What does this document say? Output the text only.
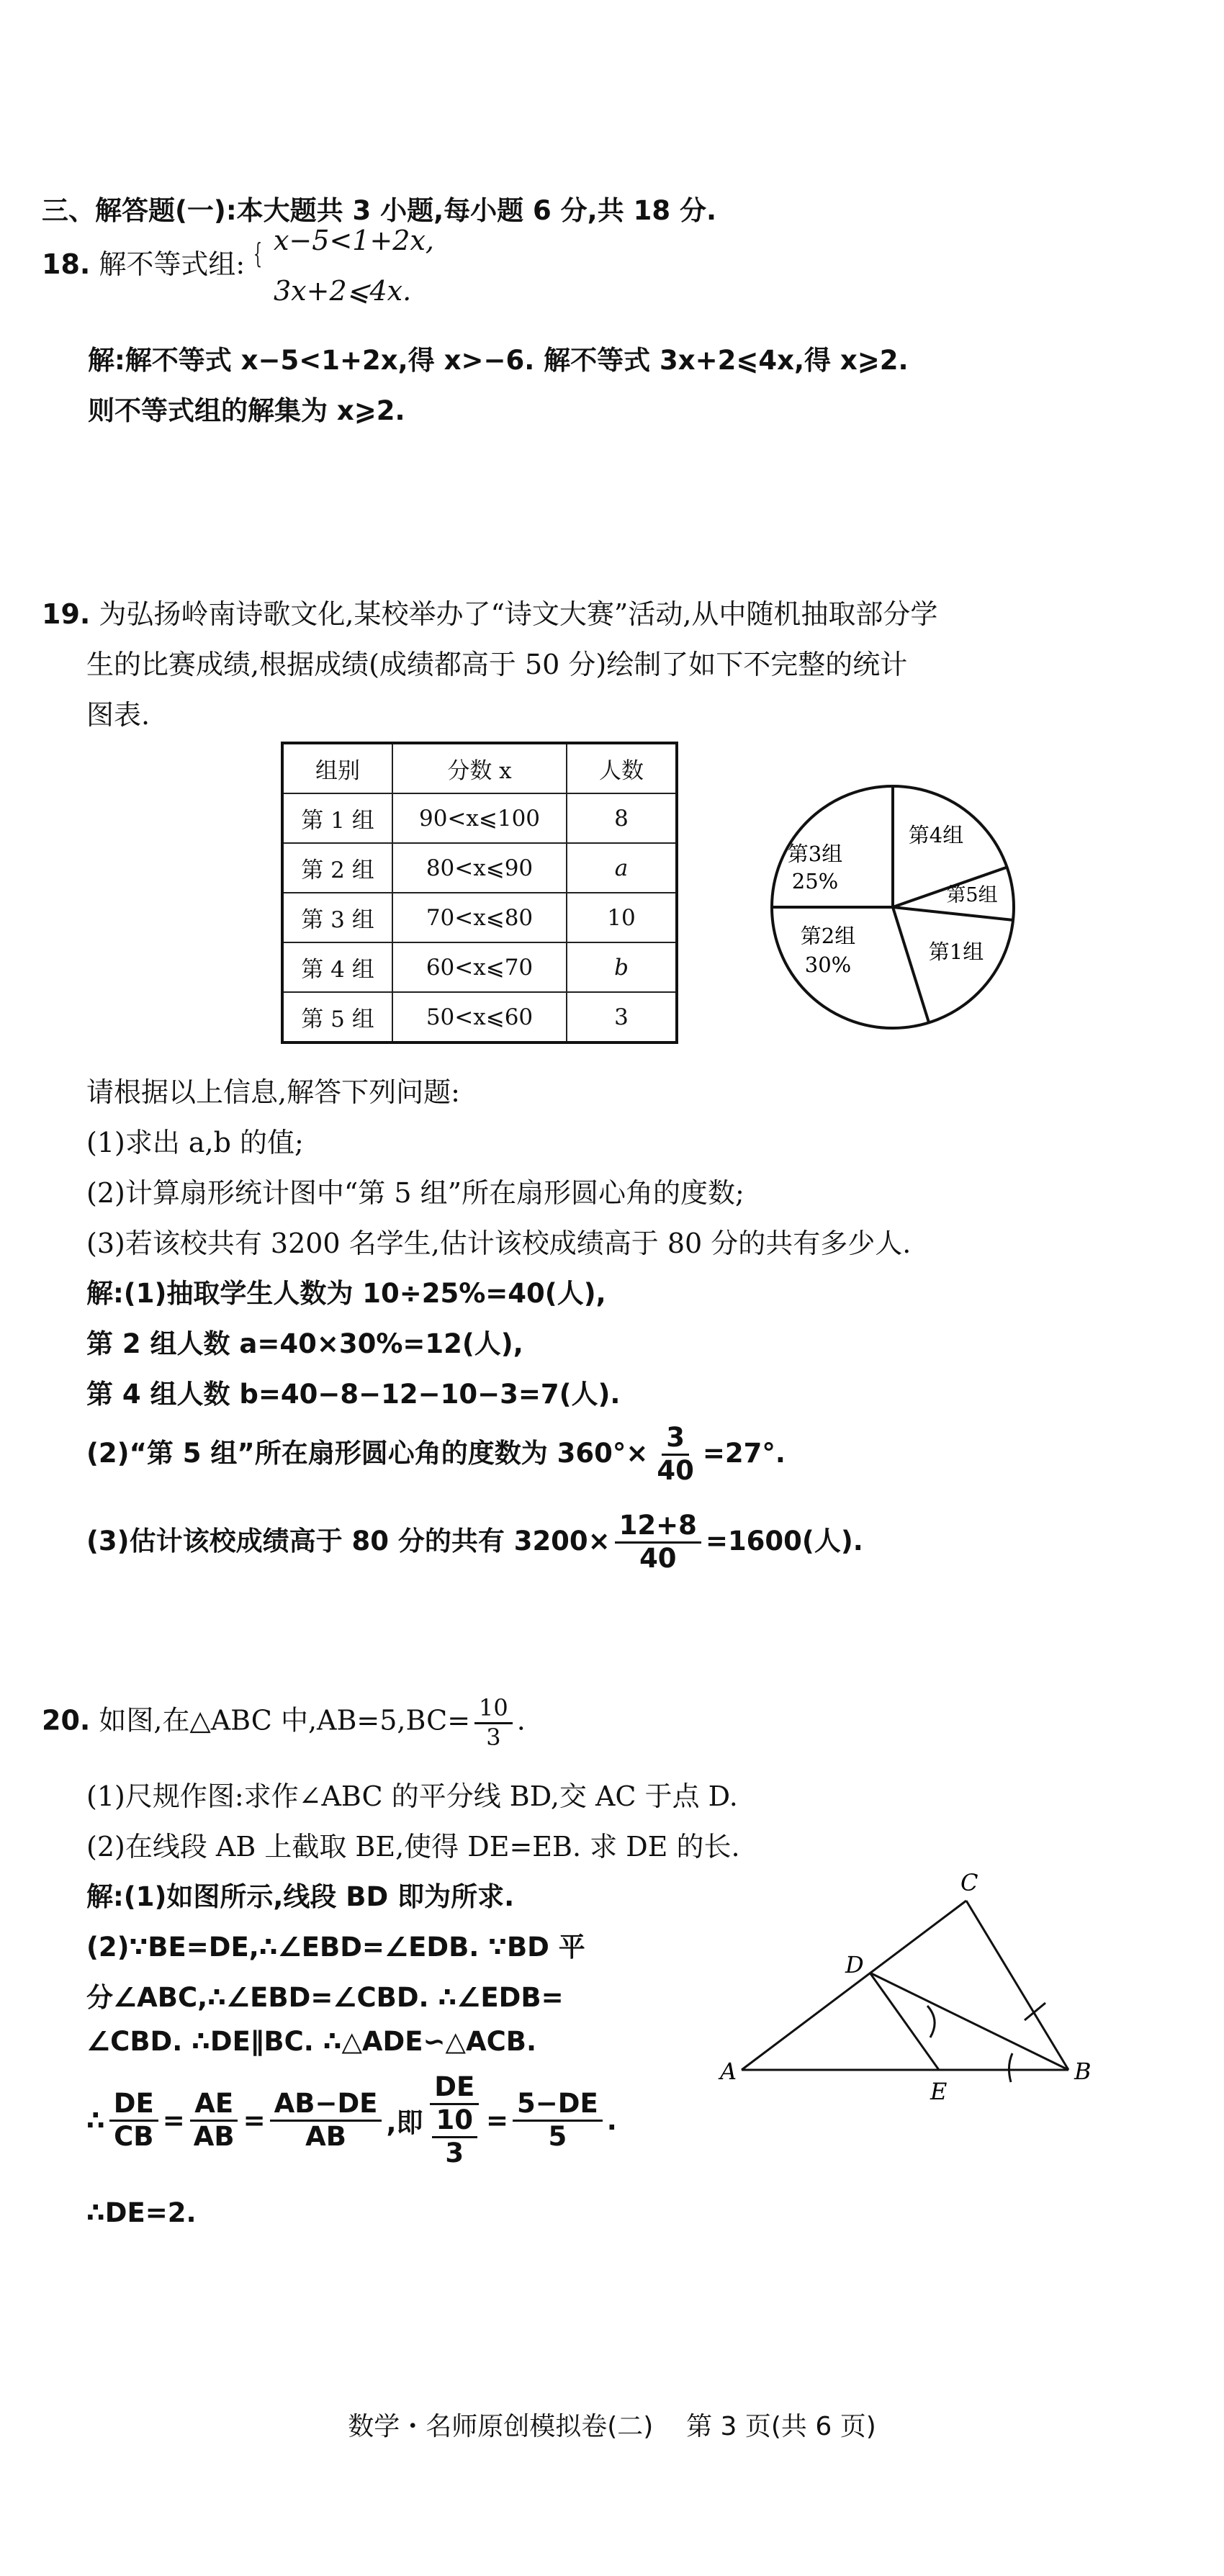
三、解答题(一):本大题共 3 小题,每小题 6 分,共 18 分.
18. 解不等式组: { x−5<1+2x,
3x+2⩽4x.
解:解不等式 x−5<1+2x,得 x>−6. 解不等式 3x+2⩽4x,得 x⩾2.
则不等式组的解集为 x⩾2.
19. 为弘扬岭南诗歌文化,某校举办了“诗文大赛”活动,从中随机抽取部分学
生的比赛成绩,根据成绩(成绩都高于 50 分)绘制了如下不完整的统计
图表.
组别	分数 x	人数
第 1 组	90<x⩽100	8
第 2 组	80<x⩽90	a
第 3 组	70<x⩽80	10
第 4 组	60<x⩽70	b
第 5 组	50<x⩽60	3
第3组
25%
第4组
第5组
第2组
30%
第1组
请根据以上信息,解答下列问题:
(1)求出 a,b 的值;
(2)计算扇形统计图中“第 5 组”所在扇形圆心角的度数;
(3)若该校共有 3200 名学生,估计该校成绩高于 80 分的共有多少人.
解:(1)抽取学生人数为 10÷25%=40(人),
第 2 组人数 a=40×30%=12(人),
第 4 组人数 b=40−8−12−10−3=7(人).
(2)“第 5 组”所在扇形圆心角的度数为 $360^\circ\times \frac{3}{40} =27^\circ$.
(3)估计该校成绩高于 80 分的共有 $3200\times \frac{12+8}{40} =1600$(人).
20. 如图,在△ABC 中$,AB=5,BC= \frac{10}{3}$ .
(1)尺规作图:求作∠ABC 的平分线 BD,交 AC 于点 D.
(2)在线段 AB 上截取 BE,使得 DE=EB. 求 DE 的长.
解:(1)如图所示,线段 BD 即为所求.
(2)∵BE=DE,∴∠EBD=∠EDB. ∵BD 平
分∠ABC,∴∠EBD=∠CBD. ∴∠EDB=
∠CBD. ∴DE∥BC. ∴△ADE∽△ACB.
∴ $\frac{DE}{CB} = \frac{AE}{AB} = \frac{AB-DE}{AB}$ ,即 $\frac{DE}{\frac{10}{3}} = \frac{5-DE}{5}$ .
∴DE=2.
C
D
A
E
B
数学・名师原创模拟卷(二)    第 3 页(共 6 页)
